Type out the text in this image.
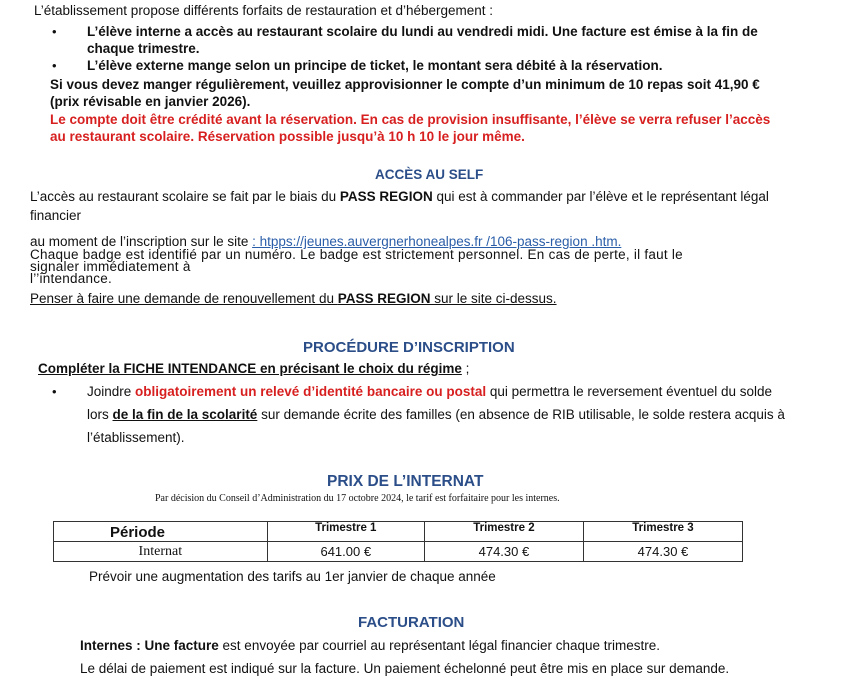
L’établissement propose différents forfaits de restauration et d’hébergement :
• L’élève interne a accès au restaurant scolaire du lundi au vendredi midi. Une facture est émise à la fin de
chaque trimestre.
• L’élève externe mange selon un principe de ticket, le montant sera débité à la réservation.
Si vous devez manger régulièrement, veuillez approvisionner le compte d’un minimum de 10 repas soit 41,90 €
(prix révisable en janvier 2026).
Le compte doit être crédité avant la réservation. En cas de provision insuffisante, l’élève se verra refuser l’accès
au restaurant scolaire. Réservation possible jusqu’à 10 h 10 le jour même.
ACCÈS AU SELF
L’accès au restaurant scolaire se fait par le biais du PASS REGION qui est à commander par l’élève et le représentant légal
financier
au moment de l’inscription sur le site : htpps://jeunes.auvergnerhonealpes.fr /106-pass-region .htm.
Chaque badge est identifié par un numéro. Le badge est strictement personnel. En cas de perte, il faut le
signaler immédiatement à
l’’intendance.
Penser à faire une demande de renouvellement du PASS REGION sur le site ci-dessus.
PROCÉDURE D’INSCRIPTION
Compléter la FICHE INTENDANCE en précisant le choix du régime ;
• Joindre obligatoirement un relevé d’identité bancaire ou postal qui permettra le reversement éventuel du solde
lors de la fin de la scolarité sur demande écrite des familles (en absence de RIB utilisable, le solde restera acquis à
l’établissement).
PRIX DE L’INTERNAT
Par décision du Conseil d’Administration du 17 octobre 2024, le tarif est forfaitaire pour les internes.
Période	Trimestre 1	Trimestre 2	Trimestre 3
Internat	641.00 €	474.30 €	474.30 €
Prévoir une augmentation des tarifs au 1er janvier de chaque année
FACTURATION
Internes : Une facture est envoyée par courriel au représentant légal financier chaque trimestre.
Le délai de paiement est indiqué sur la facture. Un paiement échelonné peut être mis en place sur demande.
